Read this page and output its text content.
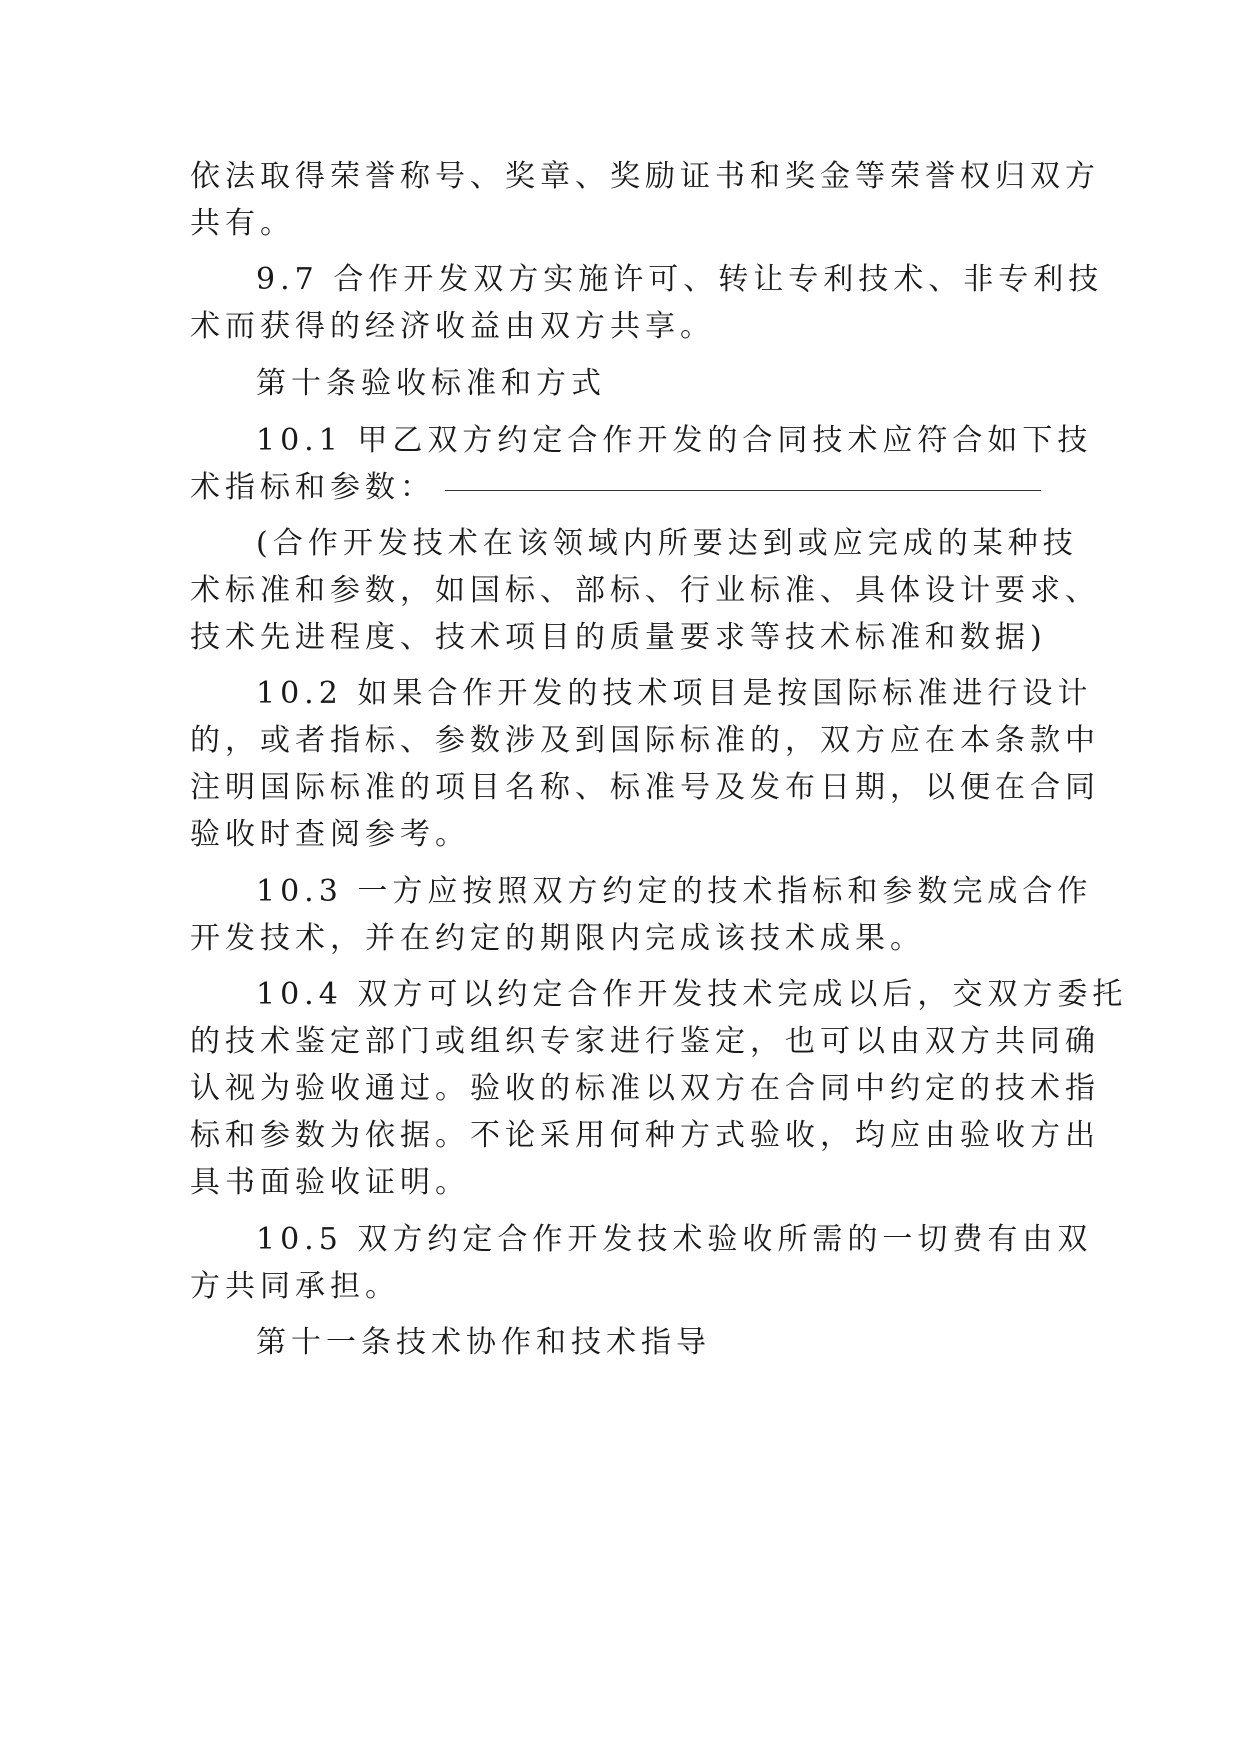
依法取得荣誉称号、奖章、奖励证书和奖金等荣誉权归双方
共有。
9.7 合作开发双方实施许可、转让专利技术、非专利技
术而获得的经济收益由双方共享。
第十条验收标准和方式
10.1 甲乙双方约定合作开发的合同技术应符合如下技
术指标和参数：
(合作开发技术在该领域内所要达到或应完成的某种技
术标准和参数，如国标、部标、行业标准、具体设计要求、
技术先进程度、技术项目的质量要求等技术标准和数据)
10.2 如果合作开发的技术项目是按国际标准进行设计
的，或者指标、参数涉及到国际标准的，双方应在本条款中
注明国际标准的项目名称、标准号及发布日期，以便在合同
验收时查阅参考。
10.3 一方应按照双方约定的技术指标和参数完成合作
开发技术，并在约定的期限内完成该技术成果。
10.4 双方可以约定合作开发技术完成以后，交双方委托
的技术鉴定部门或组织专家进行鉴定，也可以由双方共同确
认视为验收通过。验收的标准以双方在合同中约定的技术指
标和参数为依据。不论采用何种方式验收，均应由验收方出
具书面验收证明。
10.5 双方约定合作开发技术验收所需的一切费有由双
方共同承担。
第十一条技术协作和技术指导
